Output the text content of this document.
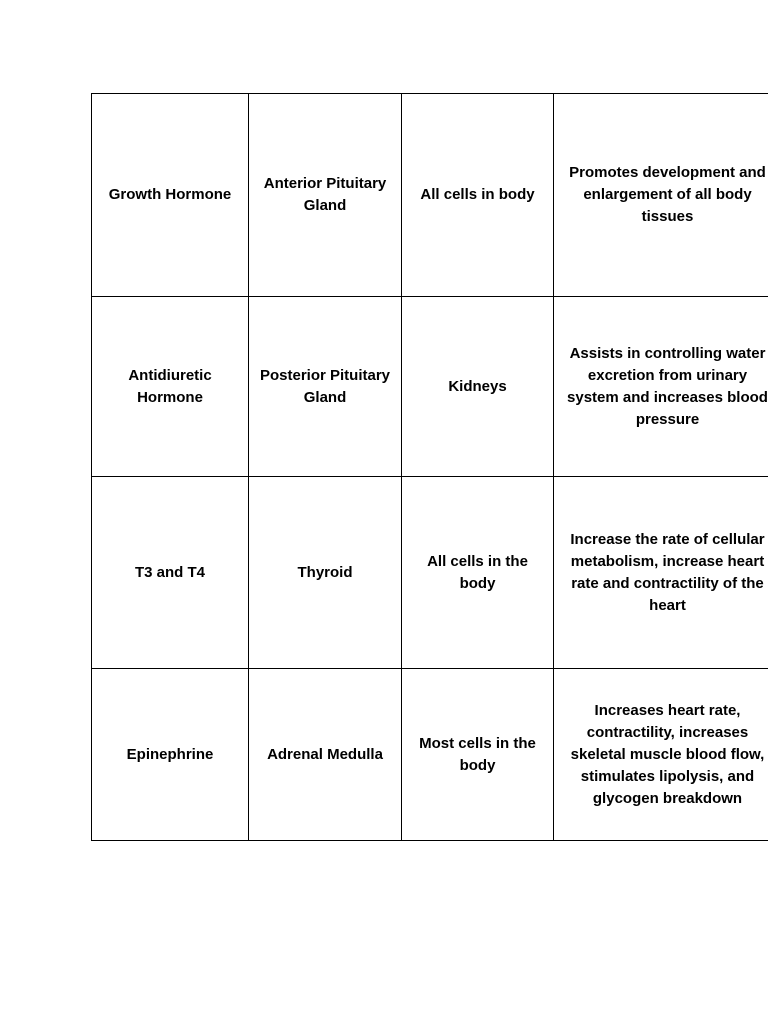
Growth Hormone	Anterior Pituitary Gland	All cells in body	Promotes development and enlargement of all body tissues
Antidiuretic Hormone	Posterior Pituitary Gland	Kidneys	Assists in controlling water excretion from urinary system and increases blood pressure
T3 and T4	Thyroid	All cells in the body	Increase the rate of cellular metabolism, increase heart rate and contractility of the heart
Epinephrine	Adrenal Medulla	Most cells in the body	Increases heart rate, contractility, increases skeletal muscle blood flow, stimulates lipolysis, and glycogen breakdown
